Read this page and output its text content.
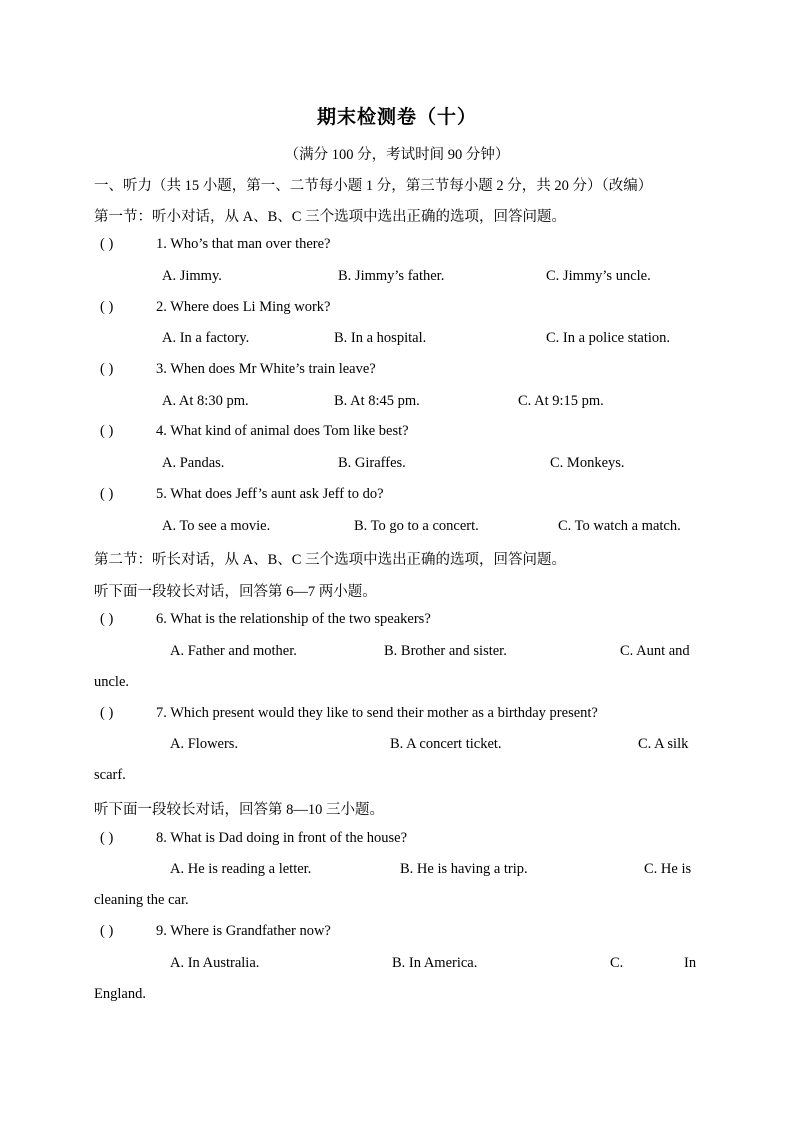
期末检测卷（十）
（满分 100 分，考试时间 90 分钟）
一、听力（共 15 小题，第一、二节每小题 1 分，第三节每小题 2 分，共 20 分）（改编）
第一节：听小对话，从 A、B、C 三个选项中选出正确的选项，回答问题。
( )	1. Who’s that man over there?
A. Jimmy.	B. Jimmy’s father.	C. Jimmy’s uncle.
( )	2. Where does Li Ming work?
A. In a factory.	B. In a hospital.	C. In a police station.
( )	3. When does Mr White’s train leave?
A. At 8:30 pm.	B. At 8:45 pm.	C. At 9:15 pm.
( )	4. What kind of animal does Tom like best?
A. Pandas.	B. Giraffes.	C. Monkeys.
( )	5. What does Jeff’s aunt ask Jeff to do?
A. To see a movie.	B. To go to a concert.	C. To watch a match.
第二节：听长对话，从 A、B、C 三个选项中选出正确的选项，回答问题。
听下面一段较长对话，回答第 6—7 两小题。
( )	6. What is the relationship of the two speakers?
A. Father and mother.	B. Brother and sister.	C. Aunt and
uncle.
( )	7. Which present would they like to send their mother as a birthday present?
A. Flowers.	B. A concert ticket.	C. A silk
scarf.
听下面一段较长对话，回答第 8—10 三小题。
( )	8. What is Dad doing in front of the house?
A. He is reading a letter.	B. He is having a trip.	C. He is
cleaning the car.
( )	9. Where is Grandfather now?
A. In Australia.	B. In America.	C.	In
England.
